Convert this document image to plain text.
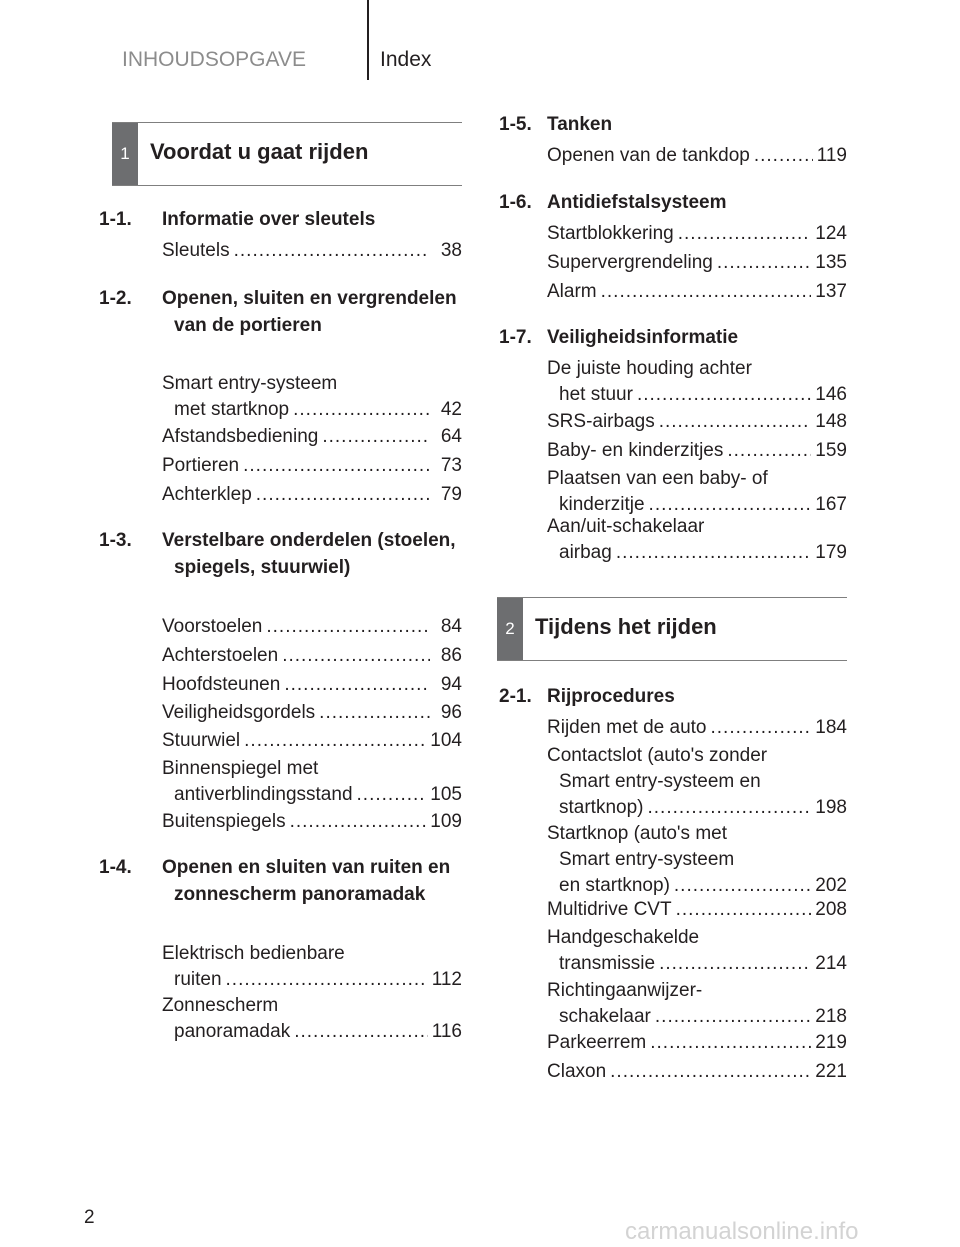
INHOUDSOPGAVE	Index
1 Voordat u gaat rijden
1-1. Informatie over sleutels
Sleutels .....	38
1-2. Openen, sluiten en vergrendelen van de portieren
Smart entry-systeem
met startknop .....	42
Afstandsbediening .....	64
Portieren .....	73
Achterklep .....	79
1-3. Verstelbare onderdelen (stoelen, spiegels, stuurwiel)
Voorstoelen .....	84
Achterstoelen .....	86
Hoofdsteunen .....	94
Veiligheidsgordels .....	96
Stuurwiel .....	104
Binnenspiegel met
antiverblindingsstand .....	105
Buitenspiegels .....	109
1-4. Openen en sluiten van ruiten en zonnescherm panoramadak
Elektrisch bedienbare
ruiten .....	112
Zonnescherm
panoramadak .....	116
1-5. Tanken
Openen van de tankdop .....	119
1-6. Antidiefstalsysteem
Startblokkering .....	124
Supervergrendeling .....	135
Alarm .....	137
1-7. Veiligheidsinformatie
De juiste houding achter
het stuur .....	146
SRS-airbags .....	148
Baby- en kinderzitjes .....	159
Plaatsen van een baby- of
kinderzitje .....	167
Aan/uit-schakelaar
airbag .....	179
2 Tijdens het rijden
2-1. Rijprocedures
Rijden met de auto .....	184
Contactslot (auto's zonder
Smart entry-systeem en
startknop) .....	198
Startknop (auto's met
Smart entry-systeem
en startknop) .....	202
Multidrive CVT .....	208
Handgeschakelde
transmissie .....	214
Richtingaanwijzer-
schakelaar .....	218
Parkeerrem .....	219
Claxon .....	221
2
carmanualsonline.info
